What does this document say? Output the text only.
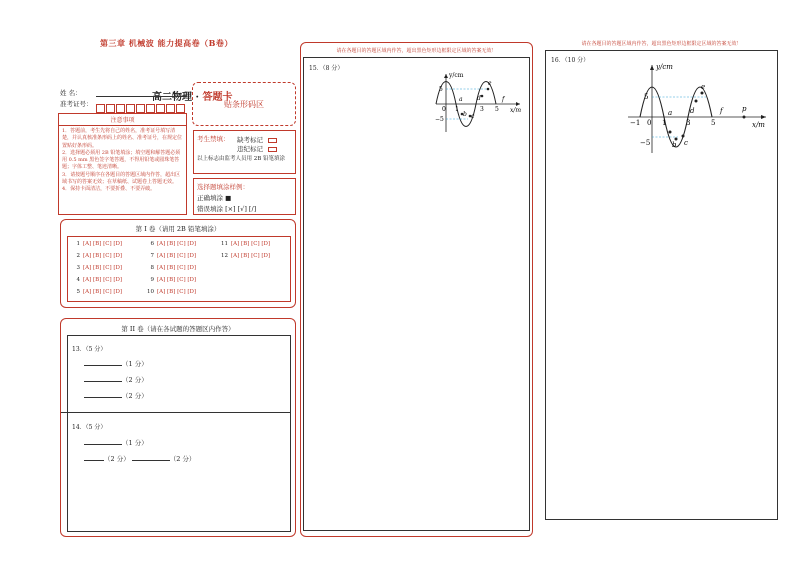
第三章 机械波 能力提高卷（B卷）
高二物理 · 答题卡
姓 名：
准考证号：	贴条形码区
注意事项
1．答题前，考生先将自己的姓名，准考证号填写清楚，并认真核准条形码上的姓名、准考证号，在规定位置贴好条形码。
2．选择题必须用 2B 铅笔填涂；填空题和解答题必须用 0.5 mm 黑色签字笔答题，不得用铅笔或圆珠笔答题；字体工整、笔迹清晰。
3．请按题号顺序在各题目的答题区域内作答，超出区域书写的答案无效；在草稿纸、试题卷上答题无效。
4．保持卡面清洁，不要折叠、不要弄破。
考生禁填：	缺考标记
违纪标记
以上标志由监考人员用 2B 铅笔填涂
选择题填涂样例：
正确填涂 ■
错误填涂 [×] [√] [/]
第 I 卷（请用 2B 铅笔填涂）
1 [A] [B] [C] [D]
2 [A] [B] [C] [D]
3 [A] [B] [C] [D]
4 [A] [B] [C] [D]
5 [A] [B] [C] [D]
6 [A] [B] [C] [D]
7 [A] [B] [C] [D]
8 [A] [B] [C] [D]
9 [A] [B] [C] [D]
10 [A] [B] [C] [D]
11 [A] [B] [C] [D]
12 [A] [B] [C] [D]
第 II 卷（请在各试题的答题区内作答）
13．（5 分）
（1 分）
（2 分）
（2 分）
14．（5 分）
（1 分）
（2 分）	（2 分）
请在各题目的答题区域内作答，超出黑色矩形边框限定区域的答案无效！
15．（8 分）
y/cm
x/m
5
−5
0 1	3 5
a
b c
d
e
f
请在各题目的答题区域内作答，超出黑色矩形边框限定区域的答案无效！
16．（10 分）
y/cm
x/m
5
−5
−1 0 1	3	5
a
b c
d
e
f	p
